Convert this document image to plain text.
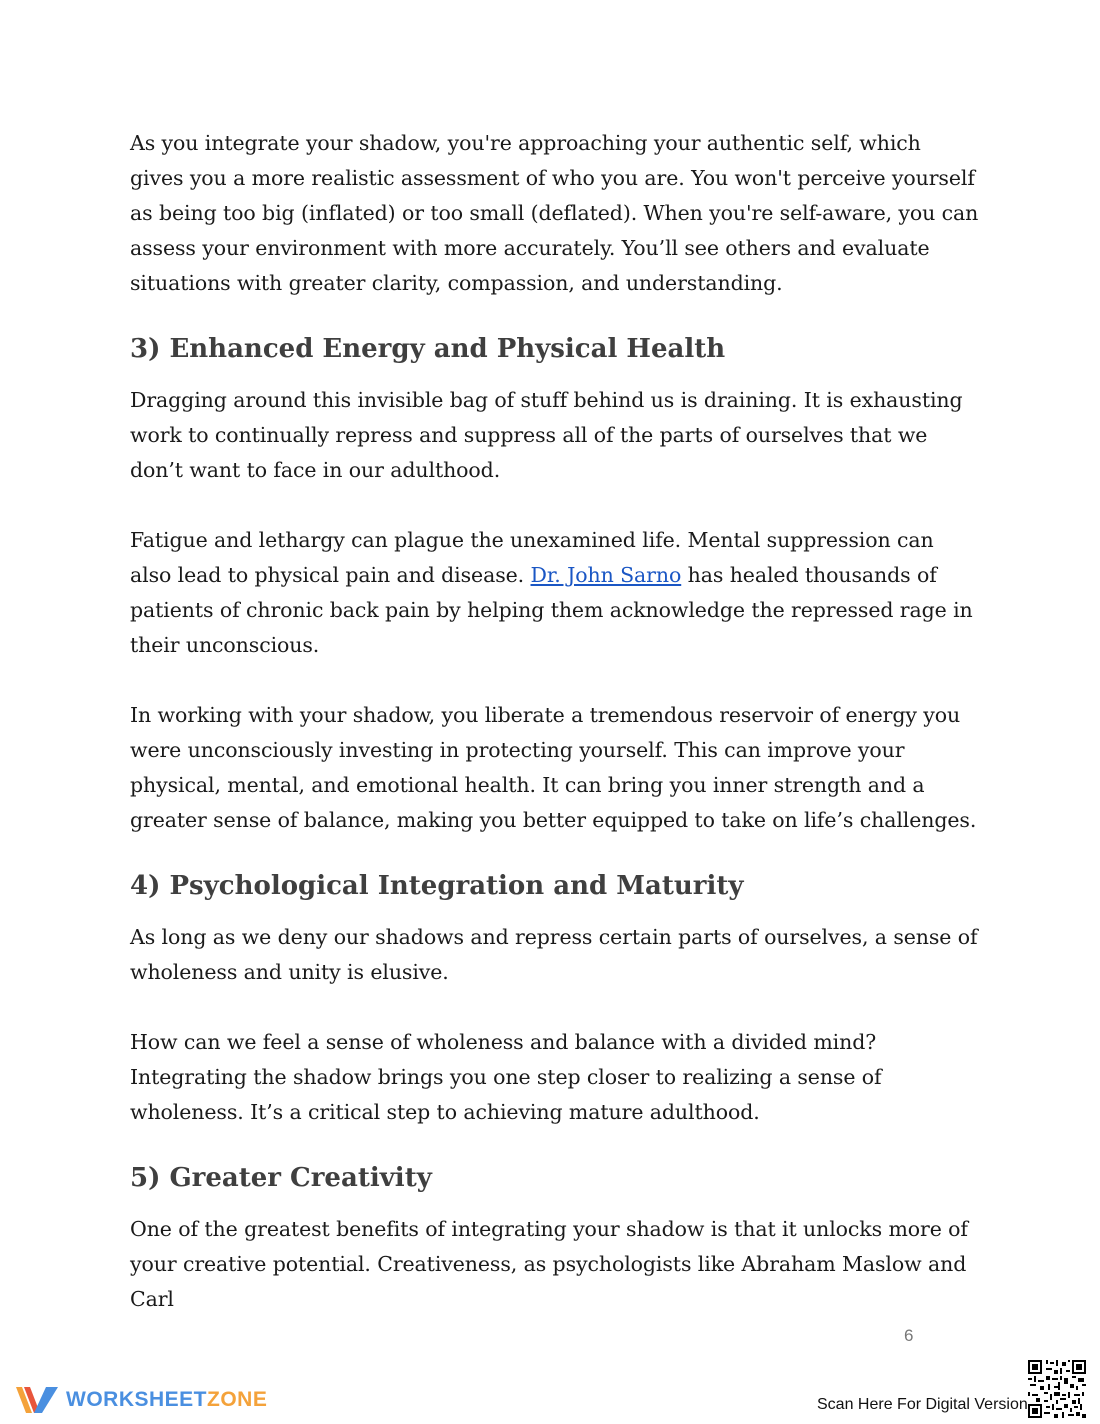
As you integrate your shadow, you're approaching your authentic self, which gives you a more realistic assessment of who you are. You won't perceive yourself as being too big (inflated) or too small (deflated). When you're self-aware, you can assess your environment with more accurately. You’ll see others and evaluate situations with greater clarity, compassion, and understanding.

3) Enhanced Energy and Physical Health

Dragging around this invisible bag of stuff behind us is draining. It is exhausting work to continually repress and suppress all of the parts of ourselves that we don’t want to face in our adulthood.

Fatigue and lethargy can plague the unexamined life. Mental suppression can also lead to physical pain and disease. Dr. John Sarno has healed thousands of patients of chronic back pain by helping them acknowledge the repressed rage in their unconscious.

In working with your shadow, you liberate a tremendous reservoir of energy you were unconsciously investing in protecting yourself. This can improve your physical, mental, and emotional health. It can bring you inner strength and a greater sense of balance, making you better equipped to take on life’s challenges.

4) Psychological Integration and Maturity

As long as we deny our shadows and repress certain parts of ourselves, a sense of wholeness and unity is elusive.

How can we feel a sense of wholeness and balance with a divided mind? Integrating the shadow brings you one step closer to realizing a sense of wholeness. It’s a critical step to achieving mature adulthood.

5) Greater Creativity

One of the greatest benefits of integrating your shadow is that it unlocks more of your creative potential. Creativeness, as psychologists like Abraham Maslow and Carl

6
WORKSHEETZONE	Scan Here For Digital Version
